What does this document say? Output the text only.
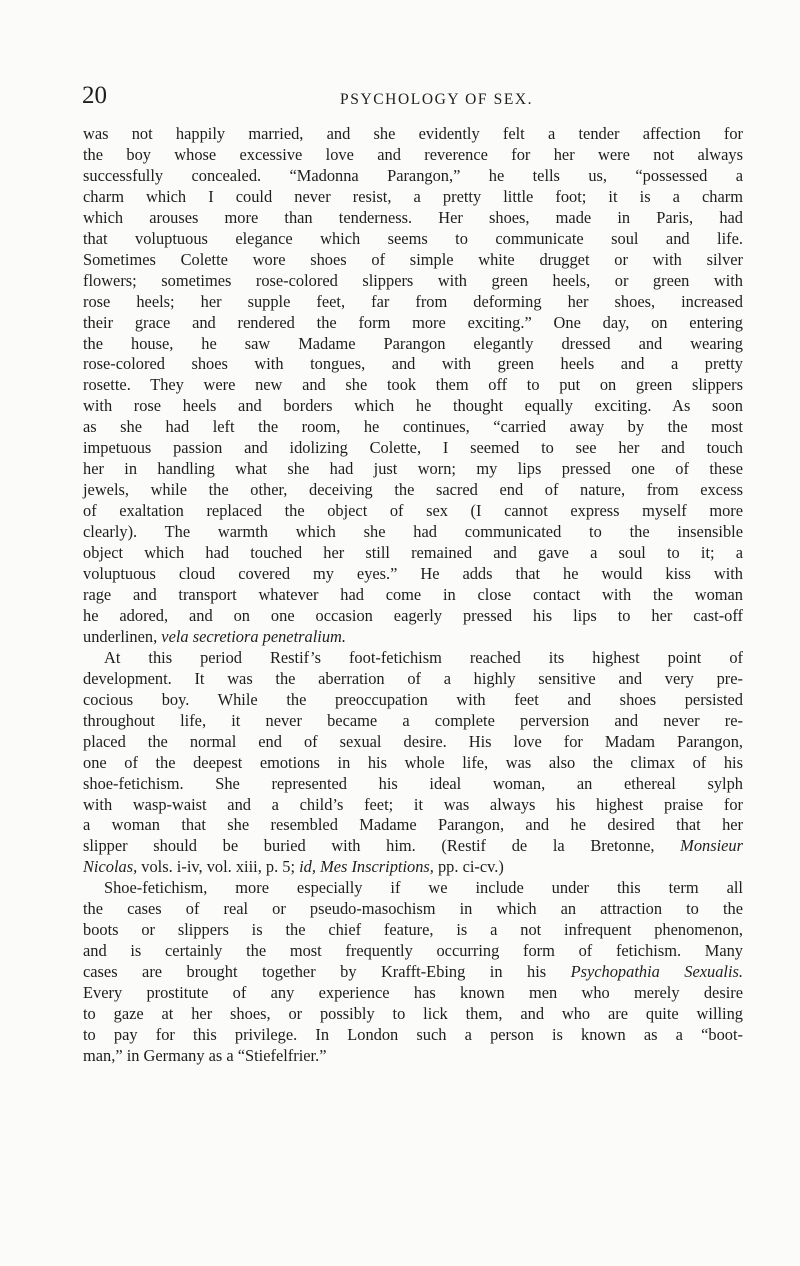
20	PSYCHOLOGY OF SEX.

was not happily married, and she evidently felt a tender affection for
the boy whose excessive love and reverence for her were not always
successfully concealed. “Madonna Parangon,” he tells us, “possessed a
charm which I could never resist, a pretty little foot; it is a charm
which arouses more than tenderness. Her shoes, made in Paris, had
that voluptuous elegance which seems to communicate soul and life.
Sometimes Colette wore shoes of simple white drugget or with silver
flowers; sometimes rose-colored slippers with green heels, or green with
rose heels; her supple feet, far from deforming her shoes, increased
their grace and rendered the form more exciting.” One day, on entering
the house, he saw Madame Parangon elegantly dressed and wearing
rose-colored shoes with tongues, and with green heels and a pretty
rosette. They were new and she took them off to put on green slippers
with rose heels and borders which he thought equally exciting. As soon
as she had left the room, he continues, “carried away by the most
impetuous passion and idolizing Colette, I seemed to see her and touch
her in handling what she had just worn; my lips pressed one of these
jewels, while the other, deceiving the sacred end of nature, from excess
of exaltation replaced the object of sex (I cannot express myself more
clearly). The warmth which she had communicated to the insensible
object which had touched her still remained and gave a soul to it; a
voluptuous cloud covered my eyes.” He adds that he would kiss with
rage and transport whatever had come in close contact with the woman
he adored, and on one occasion eagerly pressed his lips to her cast-off
underlinen, vela secretiora penetralium.

At this period Restif’s foot-fetichism reached its highest point of
development. It was the aberration of a highly sensitive and very pre-
cocious boy. While the preoccupation with feet and shoes persisted
throughout life, it never became a complete perversion and never re-
placed the normal end of sexual desire. His love for Madam Parangon,
one of the deepest emotions in his whole life, was also the climax of his
shoe-fetichism. She represented his ideal woman, an ethereal sylph
with wasp-waist and a child’s feet; it was always his highest praise for
a woman that she resembled Madame Parangon, and he desired that her
slipper should be buried with him. (Restif de la Bretonne, Monsieur
Nicolas, vols. i-iv, vol. xiii, p. 5; id, Mes Inscriptions, pp. ci-cv.)

Shoe-fetichism, more especially if we include under this term all
the cases of real or pseudo-masochism in which an attraction to the
boots or slippers is the chief feature, is a not infrequent phenomenon,
and is certainly the most frequently occurring form of fetichism. Many
cases are brought together by Krafft-Ebing in his Psychopathia Sexualis.
Every prostitute of any experience has known men who merely desire
to gaze at her shoes, or possibly to lick them, and who are quite willing
to pay for this privilege. In London such a person is known as a “boot-
man,” in Germany as a “Stiefelfrier.”
